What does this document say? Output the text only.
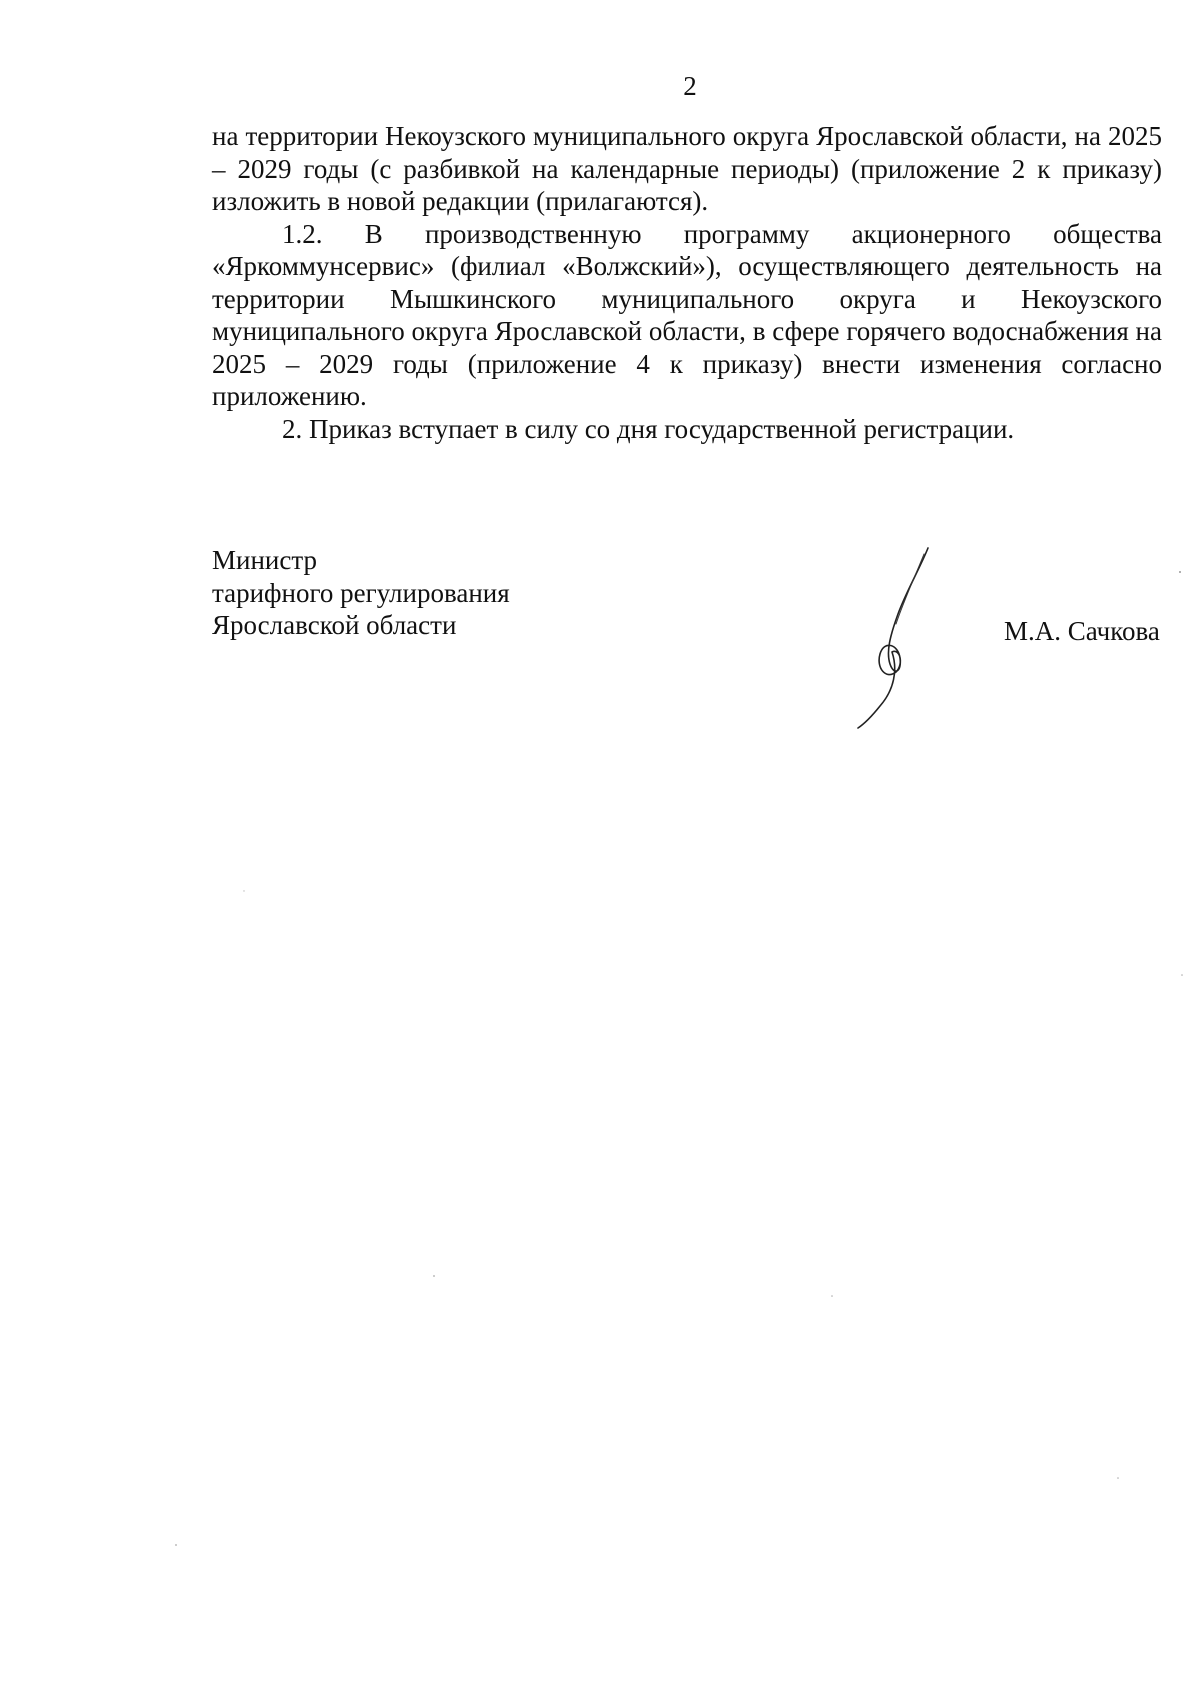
2

на территории Некоузского муниципального округа Ярославской области, на 2025 – 2029 годы (с разбивкой на календарные периоды) (приложение 2 к приказу) изложить в новой редакции (прилагаются).

1.2. В производственную программу акционерного общества «Яркоммунсервис» (филиал «Волжский»), осуществляющего деятельность на территории Мышкинского муниципального округа и Некоузского муниципального округа Ярославской области, в сфере горячего водоснабжения на 2025 – 2029 годы (приложение 4 к приказу) внести изменения согласно приложению.

2. Приказ вступает в силу со дня государственной регистрации.

Министр
тарифного регулирования
Ярославской области	М.А. Сачкова
